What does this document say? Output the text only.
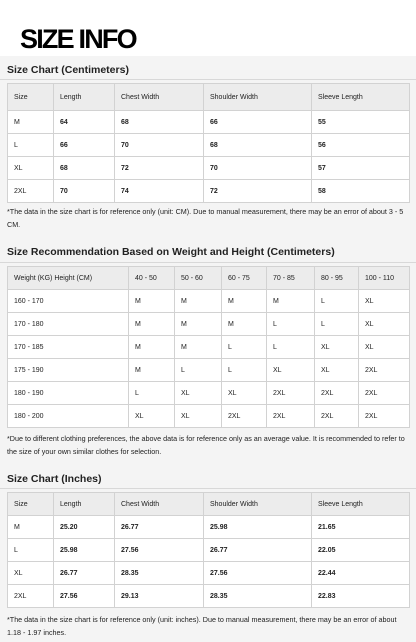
SIZE INFO
Size Chart (Centimeters)
Size	Length	Chest Width	Shoulder Width	Sleeve Length
M	64	68	66	55
L	66	70	68	56
XL	68	72	70	57
2XL	70	74	72	58
*The data in the size chart is for reference only (unit: CM). Due to manual measurement, there may be an error of about 3 - 5 CM.
Size Recommendation Based on Weight and Height (Centimeters)
Weight (KG) Height (CM)	40 - 50	50 - 60	60 - 75	70 - 85	80 - 95	100 - 110
160 - 170	M	M	M	M	L	XL
170 - 180	M	M	M	L	L	XL
170 - 185	M	M	L	L	XL	XL
175 - 190	M	L	L	XL	XL	2XL
180 - 190	L	XL	XL	2XL	2XL	2XL
180 - 200	XL	XL	2XL	2XL	2XL	2XL
*Due to different clothing preferences, the above data is for reference only as an average value. It is recommended to refer to the size of your own similar clothes for selection.
Size Chart (Inches)
Size	Length	Chest Width	Shoulder Width	Sleeve Length
M	25.20	26.77	25.98	21.65
L	25.98	27.56	26.77	22.05
XL	26.77	28.35	27.56	22.44
2XL	27.56	29.13	28.35	22.83
*The data in the size chart is for reference only (unit: inches). Due to manual measurement, there may be an error of about 1.18 - 1.97 inches.
